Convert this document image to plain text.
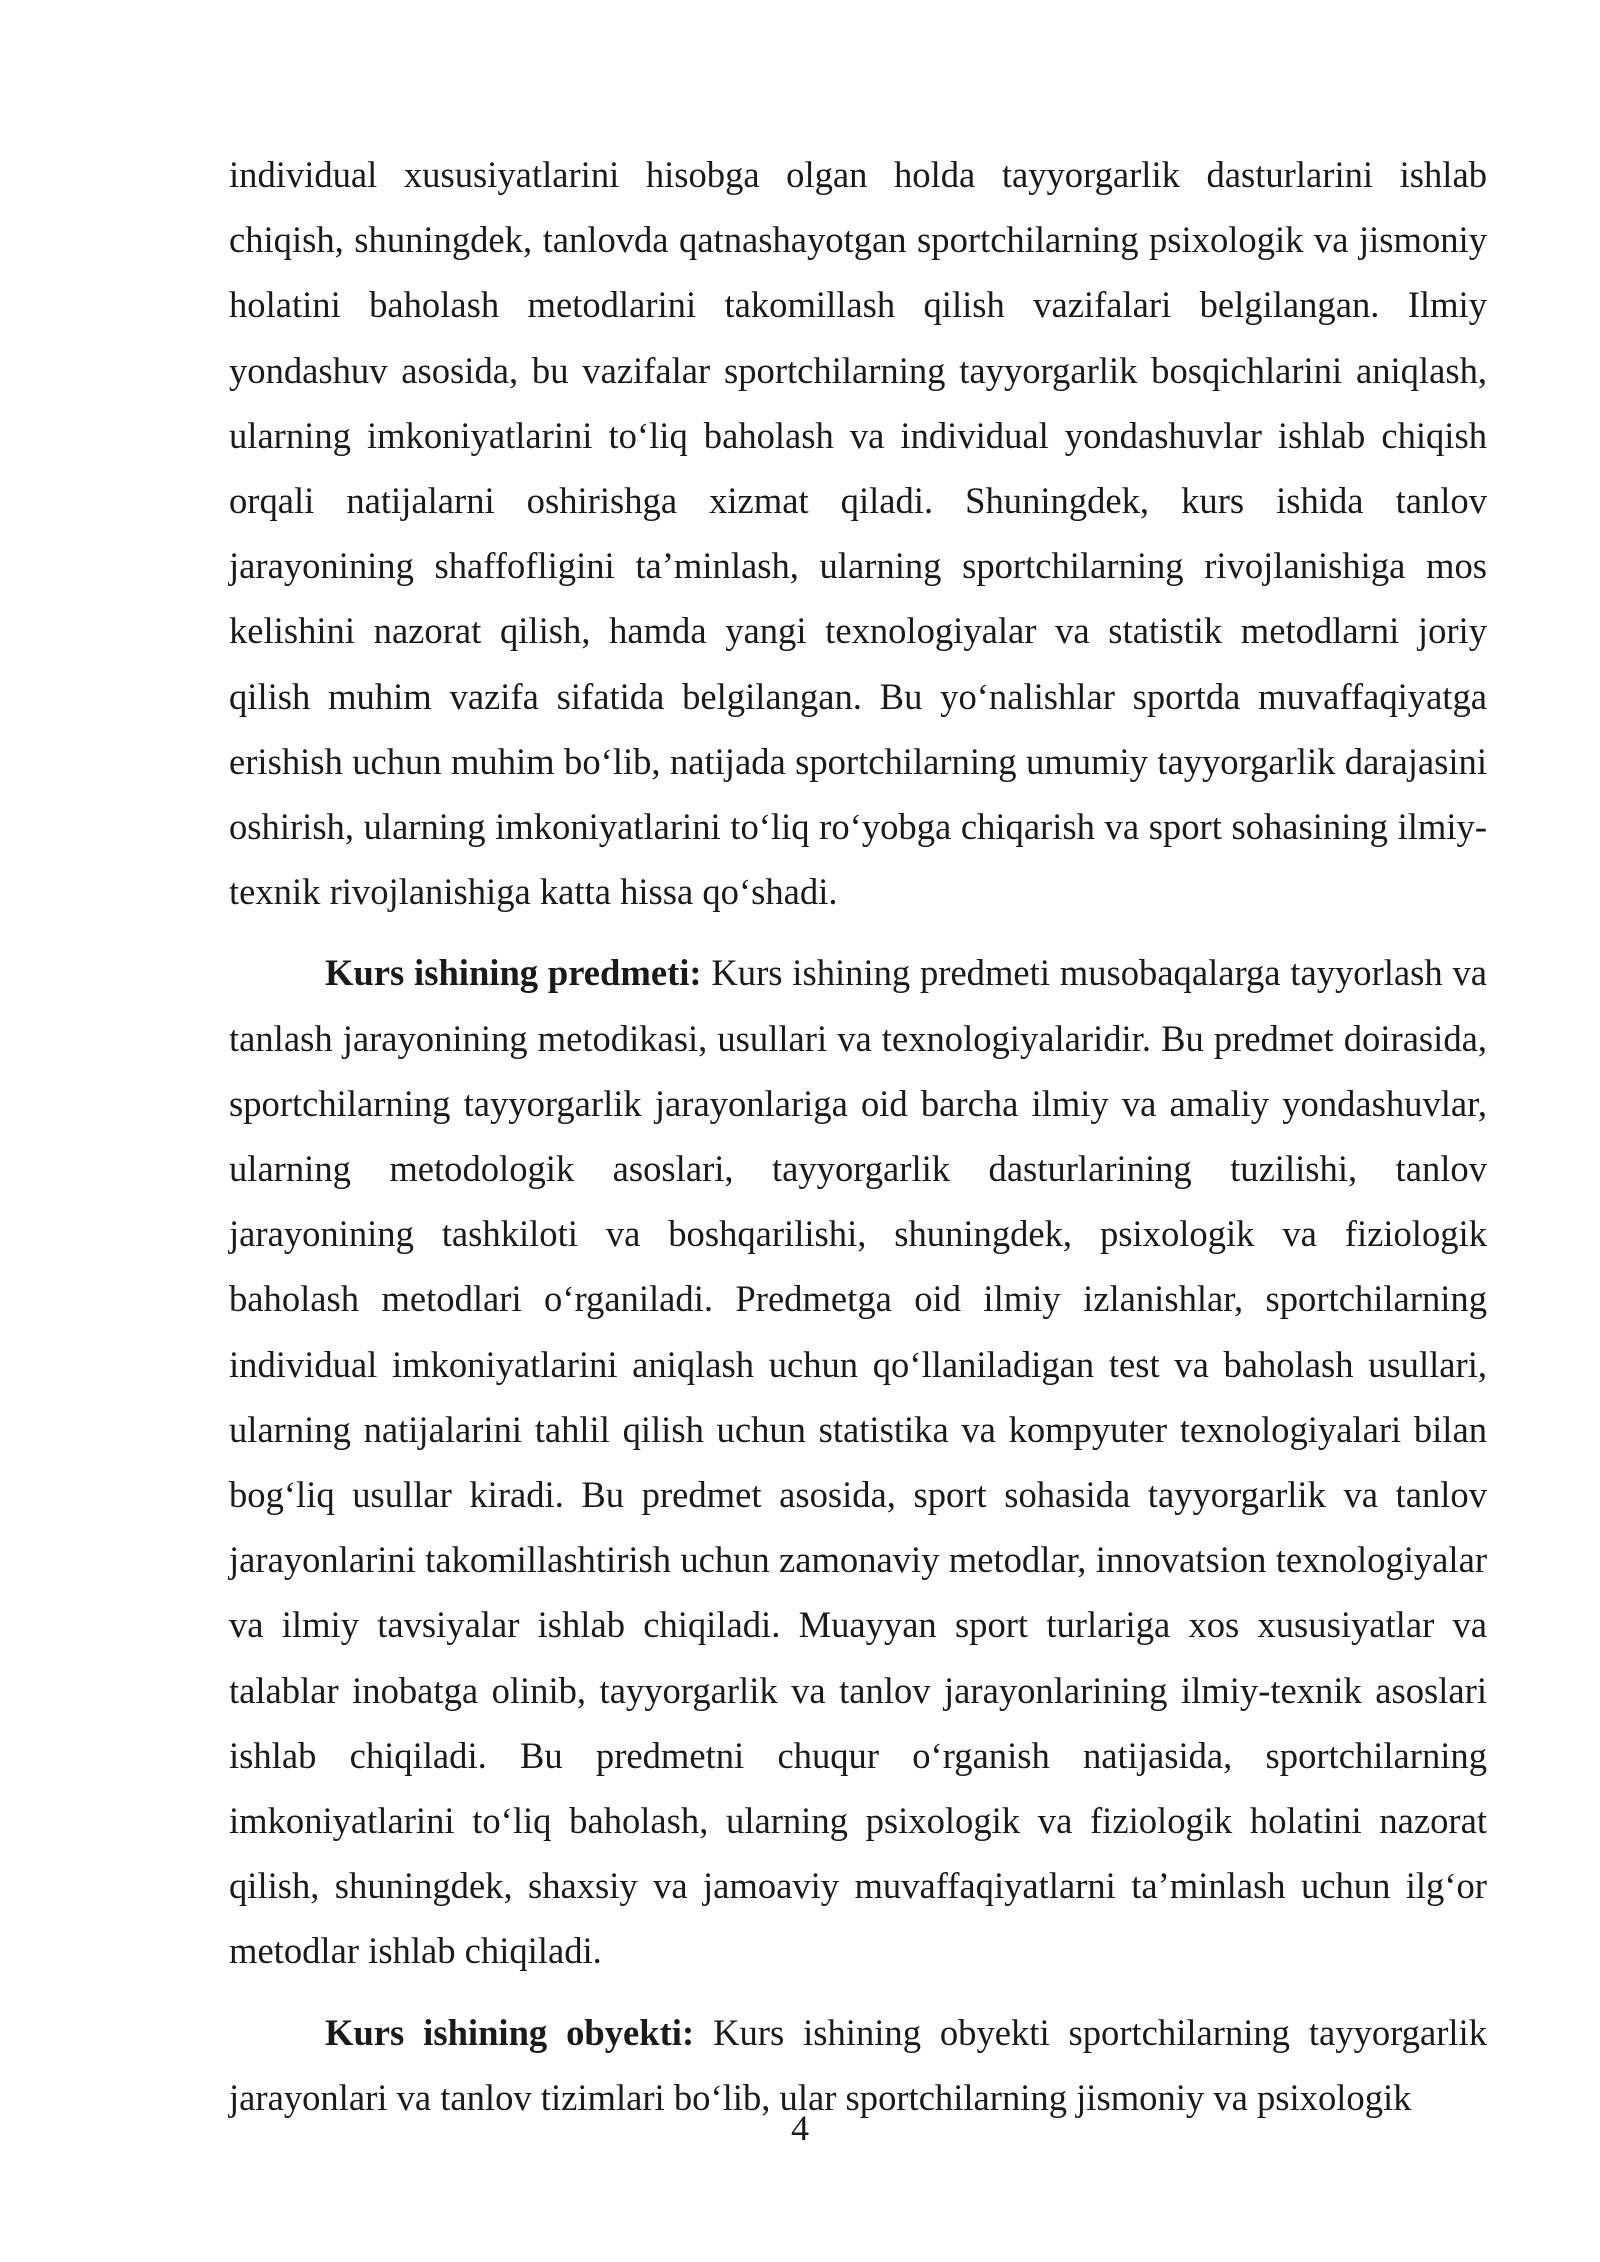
individual xususiyatlarini hisobga olgan holda tayyorgarlik dasturlarini ishlab chiqish, shuningdek, tanlovda qatnashayotgan sportchilarning psixologik va jismoniy holatini baholash metodlarini takomillash qilish vazifalari belgilangan. Ilmiy yondashuv asosida, bu vazifalar sportchilarning tayyorgarlik bosqichlarini aniqlash, ularning imkoniyatlarini to‘liq baholash va individual yondashuvlar ishlab chiqish orqali natijalarni oshirishga xizmat qiladi. Shuningdek, kurs ishida tanlov jarayonining shaffofligini ta’minlash, ularning sportchilarning rivojlanishiga mos kelishini nazorat qilish, hamda yangi texnologiyalar va statistik metodlarni joriy qilish muhim vazifa sifatida belgilangan. Bu yo‘nalishlar sportda muvaffaqiyatga erishish uchun muhim bo‘lib, natijada sportchilarning umumiy tayyorgarlik darajasini oshirish, ularning imkoniyatlarini to‘liq ro‘yobga chiqarish va sport sohasining ilmiy-texnik rivojlanishiga katta hissa qo‘shadi.

Kurs ishining predmeti: Kurs ishining predmeti musobaqalarga tayyorlash va tanlash jarayonining metodikasi, usullari va texnologiyalaridir. Bu predmet doirasida, sportchilarning tayyorgarlik jarayonlariga oid barcha ilmiy va amaliy yondashuvlar, ularning metodologik asoslari, tayyorgarlik dasturlarining tuzilishi, tanlov jarayonining tashkiloti va boshqarilishi, shuningdek, psixologik va fiziologik baholash metodlari o‘rganiladi. Predmetga oid ilmiy izlanishlar, sportchilarning individual imkoniyatlarini aniqlash uchun qo‘llaniladigan test va baholash usullari, ularning natijalarini tahlil qilish uchun statistika va kompyuter texnologiyalari bilan bog‘liq usullar kiradi. Bu predmet asosida, sport sohasida tayyorgarlik va tanlov jarayonlarini takomillashtirish uchun zamonaviy metodlar, innovatsion texnologiyalar va ilmiy tavsiyalar ishlab chiqiladi. Muayyan sport turlariga xos xususiyatlar va talablar inobatga olinib, tayyorgarlik va tanlov jarayonlarining ilmiy-texnik asoslari ishlab chiqiladi. Bu predmetni chuqur o‘rganish natijasida, sportchilarning imkoniyatlarini to‘liq baholash, ularning psixologik va fiziologik holatini nazorat qilish, shuningdek, shaxsiy va jamoaviy muvaffaqiyatlarni ta’minlash uchun ilg‘or metodlar ishlab chiqiladi.

Kurs ishining obyekti: Kurs ishining obyekti sportchilarning tayyorgarlik jarayonlari va tanlov tizimlari bo‘lib, ular sportchilarning jismoniy va psixologik

4
